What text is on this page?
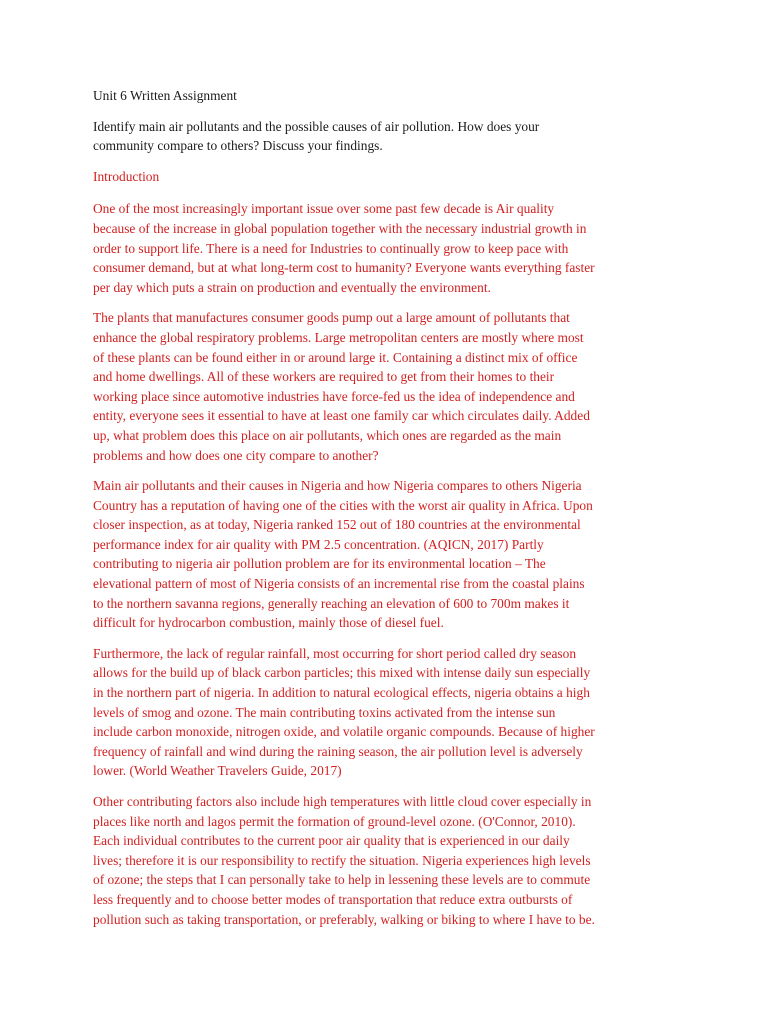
Unit 6 Written Assignment

Identify main air pollutants and the possible causes of air pollution. How does your
community compare to others? Discuss your findings.

Introduction

One of the most increasingly important issue over some past few decade is Air quality
because of the increase in global population together with the necessary industrial growth in
order to support life. There is a need for Industries to continually grow to keep pace with
consumer demand, but at what long-term cost to humanity? Everyone wants everything faster
per day which puts a strain on production and eventually the environment.

The plants that manufactures consumer goods pump out a large amount of pollutants that
enhance the global respiratory problems. Large metropolitan centers are mostly where most
of these plants can be found either in or around large it. Containing a distinct mix of office
and home dwellings. All of these workers are required to get from their homes to their
working place since automotive industries have force-fed us the idea of independence and
entity, everyone sees it essential to have at least one family car which circulates daily. Added
up, what problem does this place on air pollutants, which ones are regarded as the main
problems and how does one city compare to another?

Main air pollutants and their causes in Nigeria and how Nigeria compares to others Nigeria
Country has a reputation of having one of the cities with the worst air quality in Africa. Upon
closer inspection, as at today, Nigeria ranked 152 out of 180 countries at the environmental
performance index for air quality with PM 2.5 concentration. (AQICN, 2017) Partly
contributing to nigeria air pollution problem are for its environmental location – The
elevational pattern of most of Nigeria consists of an incremental rise from the coastal plains
to the northern savanna regions, generally reaching an elevation of 600 to 700m makes it
difficult for hydrocarbon combustion, mainly those of diesel fuel.

Furthermore, the lack of regular rainfall, most occurring for short period called dry season
allows for the build up of black carbon particles; this mixed with intense daily sun especially
in the northern part of nigeria. In addition to natural ecological effects, nigeria obtains a high
levels of smog and ozone. The main contributing toxins activated from the intense sun
include carbon monoxide, nitrogen oxide, and volatile organic compounds. Because of higher
frequency of rainfall and wind during the raining season, the air pollution level is adversely
lower. (World Weather Travelers Guide, 2017)

Other contributing factors also include high temperatures with little cloud cover especially in
places like north and lagos permit the formation of ground-level ozone. (O'Connor, 2010).
Each individual contributes to the current poor air quality that is experienced in our daily
lives; therefore it is our responsibility to rectify the situation. Nigeria experiences high levels
of ozone; the steps that I can personally take to help in lessening these levels are to commute
less frequently and to choose better modes of transportation that reduce extra outbursts of
pollution such as taking transportation, or preferably, walking or biking to where I have to be.
